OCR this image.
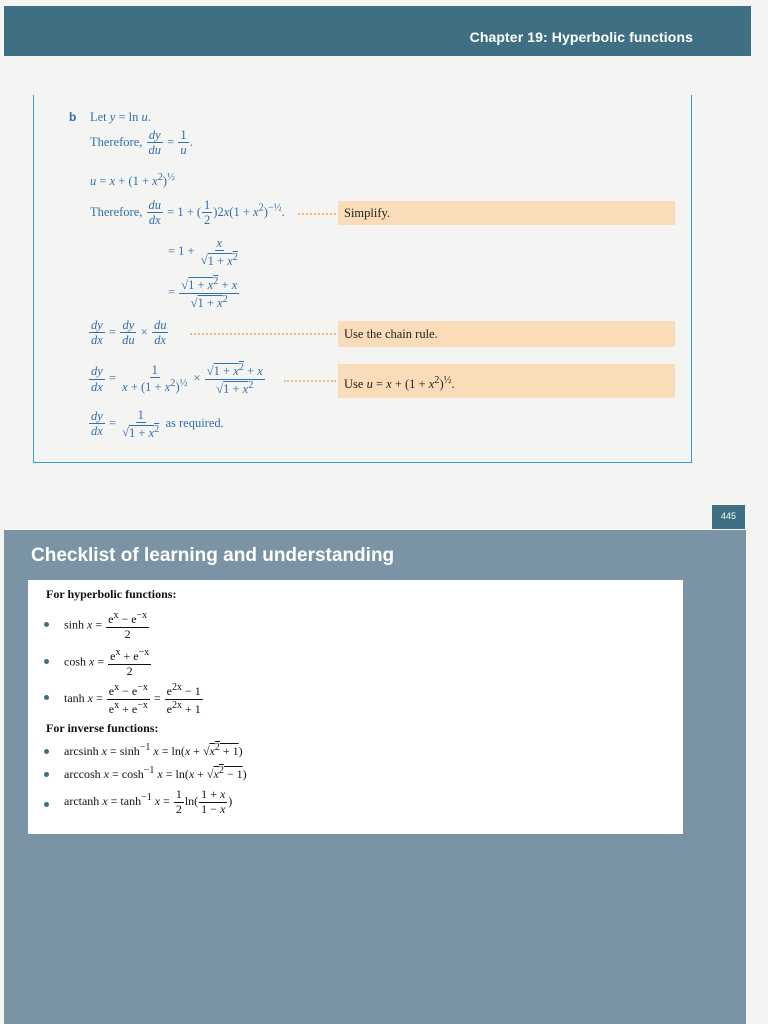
Chapter 19: Hyperbolic functions
b Let y = ln u.
Therefore, $\frac{dy}{du} = \frac{1}{u}$ .
$u = x + (1 + x^2)^{\frac{1}{2}}$
Therefore, $\frac{du}{dx} = 1$ + ( $\frac{1}{2} )2x(1 + x^2)^{-\frac{1}{2}}$.	Simplify.
= $1 + \frac{x}{√1 + x^2}$
= $\frac{√1 + x^2 + x}{√1 + x^2}$
$\frac{dy}{dx} = \frac{dy}{du} \times \frac{du}{dx}$	Use the chain rule.
$\frac{dy}{dx} = \frac{1}{x + (1 + x^2)^{\frac{1}{2}}} \times \frac{√1 + x^2 + x}{√1 + x^2}$	Use $u = x + (1 + x^2)^{\frac{1}{2}}$.
$\frac{dy}{dx} = \frac{1}{√1 + x^2}$ as required.
445
Checklist of learning and understanding
For hyperbolic functions:
$\sinh x = \frac{e^x - e^{-x}}{2}$
$\cosh x = \frac{e^x + e^{-x}}{2}$
$\tanh x = \frac{e^x - e^{-x}}{e^x + e^{-x}} = \frac{e^{2x} - 1}{e^{2x} + 1}$
For inverse functions:
arcsinh $x = \sinh^{-1} x = \ln(x + √x^2 + 1)$
arccosh $x = \cosh^{-1} x = \ln(x + √x^2 - 1)$
arctanh $x = \tanh^{-1} x = \frac{1}{2} \ln( \frac{1 + x}{1 - x}$ )
